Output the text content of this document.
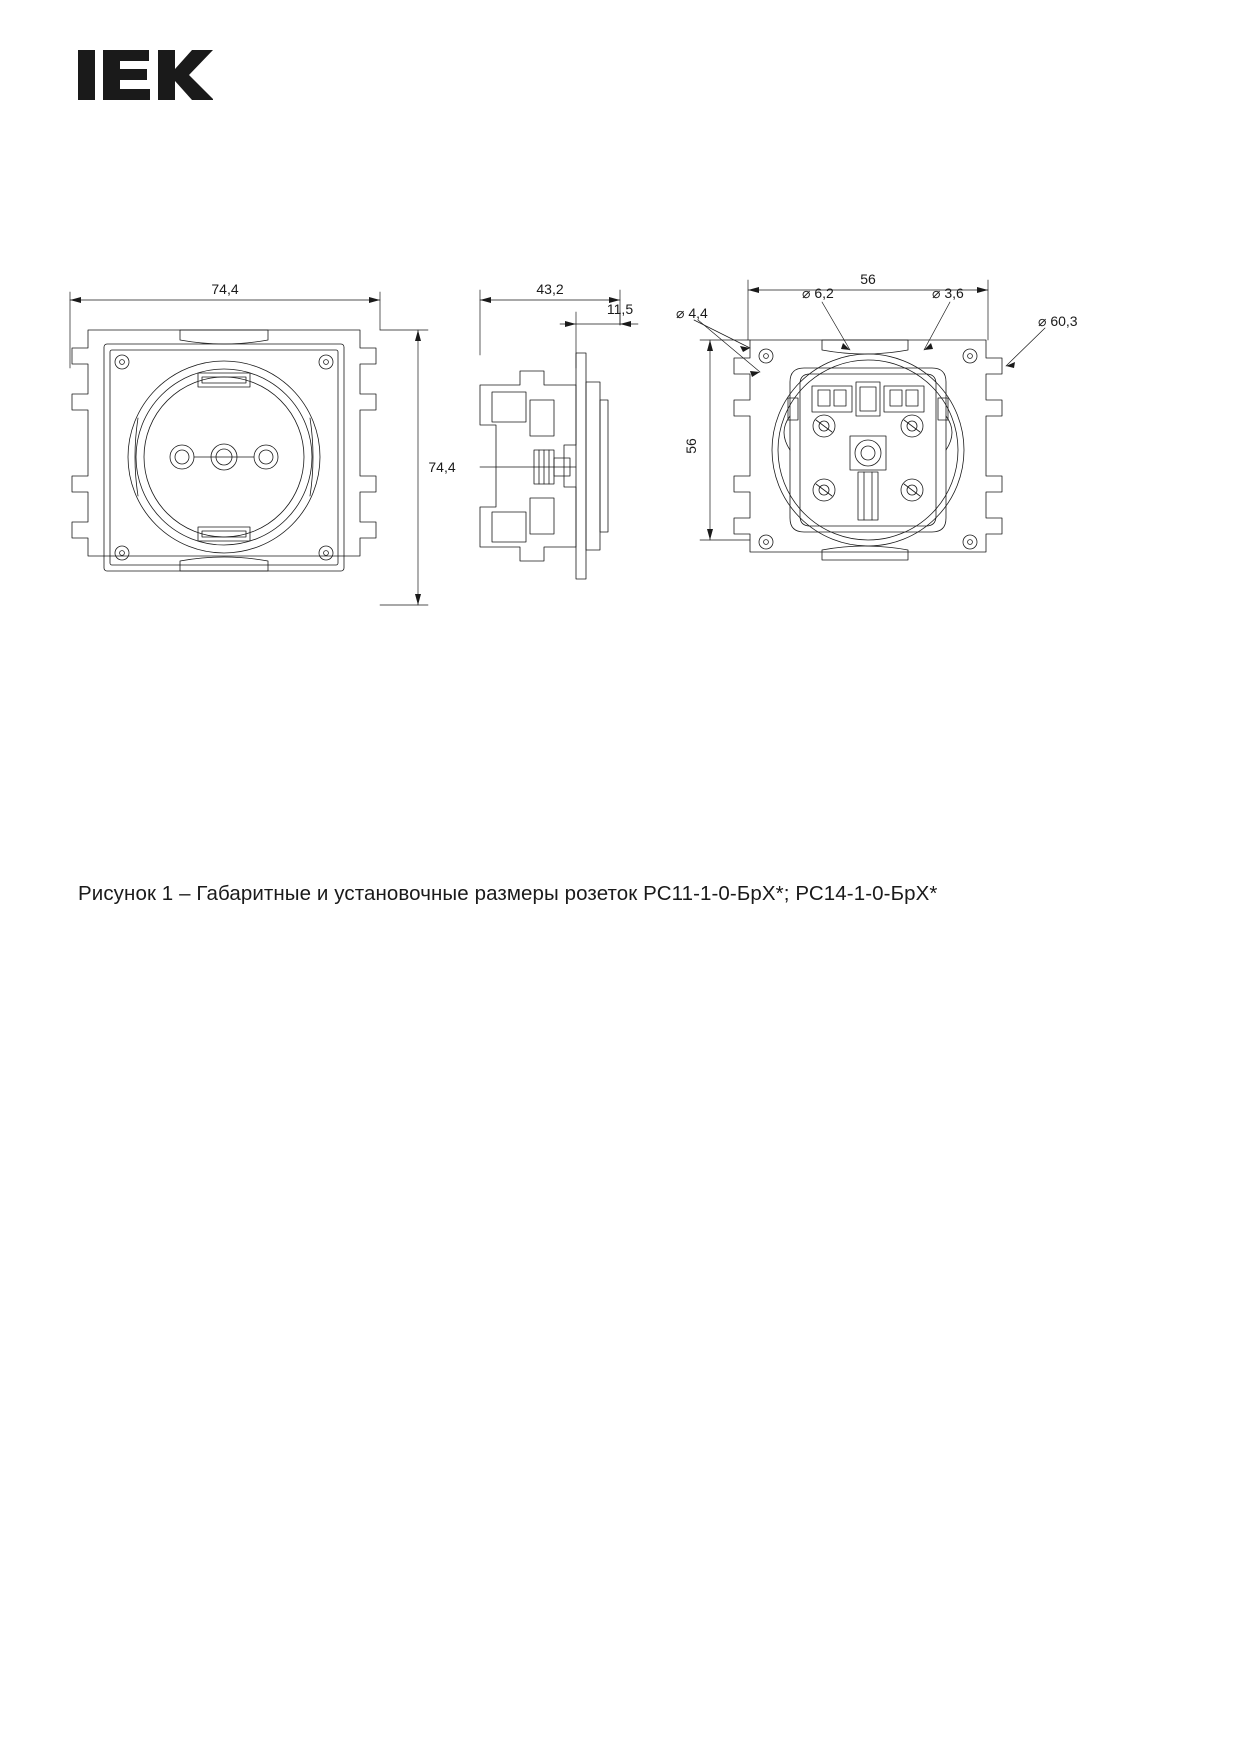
74,4
74,4
43,2
11,5
56
56
⌀ 4,4
⌀ 6,2	⌀ 3,6
⌀ 60,3
Рисунок 1 – Габаритные и установочные размеры розеток РС11-1-0-БрХ*; РС14-1-0-БрХ*
